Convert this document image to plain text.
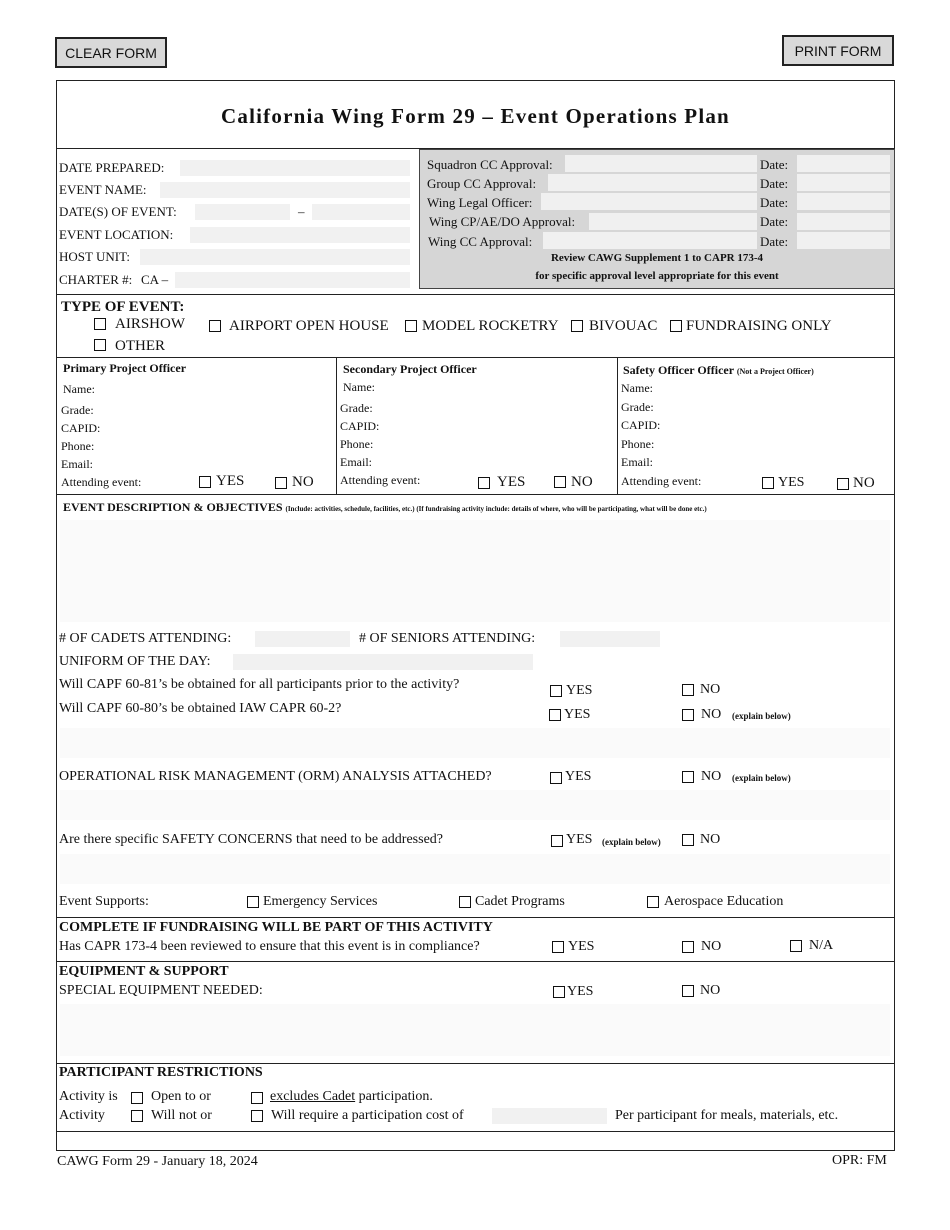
CLEAR FORM	PRINT FORM
California Wing Form 29 – Event Operations Plan
DATE PREPARED:
EVENT NAME:
DATE(S) OF EVENT:	–
EVENT LOCATION:
HOST UNIT:
CHARTER #: CA –
Squadron CC Approval:	Date:
Group CC Approval:	Date:
Wing Legal Officer:	Date:
Wing CP/AE/DO Approval:	Date:
Wing CC Approval:	Date:
Review CAWG Supplement 1 to CAPR 173-4
for specific approval level appropriate for this event
TYPE OF EVENT:
AIRSHOW	AIRPORT OPEN HOUSE MODEL ROCKETRY BIVOUAC FUNDRAISING ONLY
OTHER
Primary Project Officer
Name:
Grade:
CAPID:
Phone:
Email:
Attending event:	YES	NO
Secondary Project Officer
Name:
Grade:
CAPID:
Phone:
Email:
Attending event:	YES	NO
Safety Officer Officer (Not a Project Officer)
Name:
Grade:
CAPID:
Phone:
Email:
Attending event:	YES	NO
EVENT DESCRIPTION & OBJECTIVES (Include: activities, schedule, facilities, etc.) (If fundraising activity include: details of where, who will be participating, what will be done etc.)
# OF CADETS ATTENDING:	# OF SENIORS ATTENDING:
UNIFORM OF THE DAY:
Will CAPF 60-81’s be obtained for all participants prior to the activity?	YES	NO
Will CAPF 60-80’s be obtained IAW CAPR 60-2?	YES	NO (explain below)
OPERATIONAL RISK MANAGEMENT (ORM) ANALYSIS ATTACHED?	YES	NO (explain below)
Are there specific SAFETY CONCERNS that need to be addressed?	YES (explain below)	NO
Event Supports:	Emergency Services	Cadet Programs	Aerospace Education
COMPLETE IF FUNDRAISING WILL BE PART OF THIS ACTIVITY
Has CAPR 173-4 been reviewed to ensure that this event is in compliance?	YES	NO	N/A
EQUIPMENT & SUPPORT
SPECIAL EQUIPMENT NEEDED:	YES	NO
PARTICIPANT RESTRICTIONS
Activity is Open to or	excludes Cadet participation.
Activity	Will not or	Will require a participation cost of	Per participant for meals, materials, etc.
CAWG Form 29 - January 18, 2024	OPR: FM
